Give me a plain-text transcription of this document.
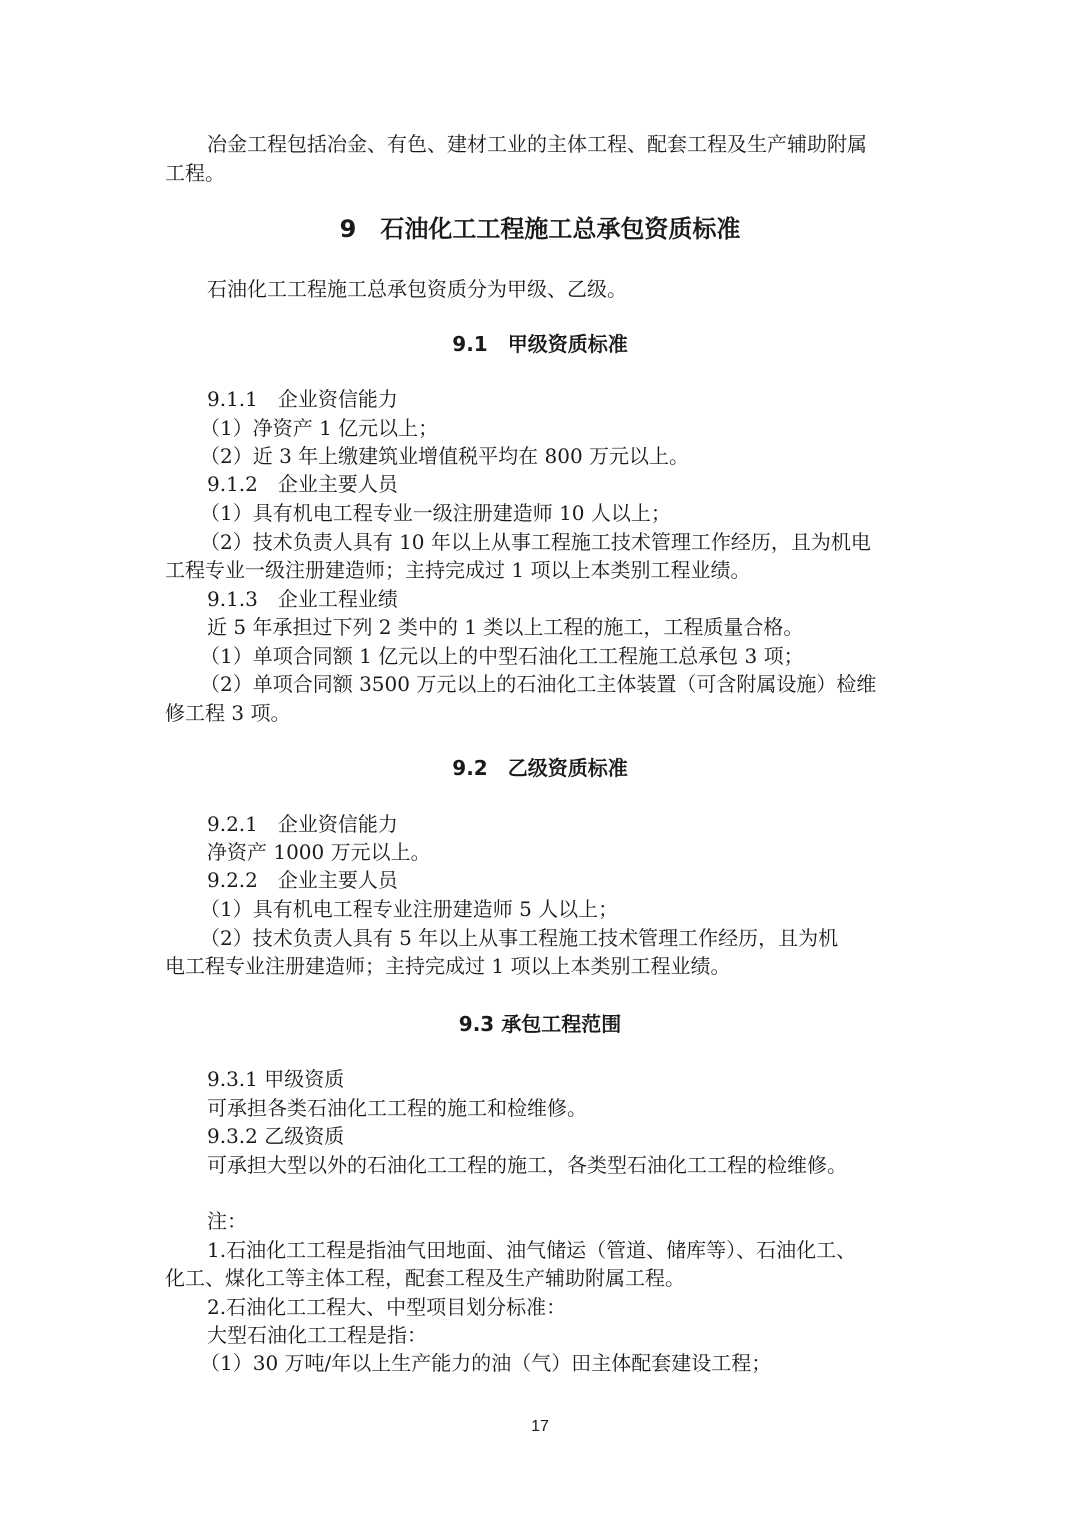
冶金工程包括冶金、有色、建材工业的主体工程、配套工程及生产辅助附属
工程。
9　石油化工工程施工总承包资质标准
石油化工工程施工总承包资质分为甲级、乙级。
9.1　甲级资质标准
9.1.1　企业资信能力
（1）净资产 1 亿元以上；
（2）近 3 年上缴建筑业增值税平均在 800 万元以上。
9.1.2　企业主要人员
（1）具有机电工程专业一级注册建造师 10 人以上；
（2）技术负责人具有 10 年以上从事工程施工技术管理工作经历，且为机电
工程专业一级注册建造师；主持完成过 1 项以上本类别工程业绩。
9.1.3　企业工程业绩
近 5 年承担过下列 2 类中的 1 类以上工程的施工，工程质量合格。
（1）单项合同额 1 亿元以上的中型石油化工工程施工总承包 3 项；
（2）单项合同额 3500 万元以上的石油化工主体装置（可含附属设施）检维
修工程 3 项。
9.2　乙级资质标准
9.2.1　企业资信能力
净资产 1000 万元以上。
9.2.2　企业主要人员
（1）具有机电工程专业注册建造师 5 人以上；
（2）技术负责人具有 5 年以上从事工程施工技术管理工作经历，且为机
电工程专业注册建造师；主持完成过 1 项以上本类别工程业绩。
9.3 承包工程范围
9.3.1 甲级资质
可承担各类石油化工工程的施工和检维修。
9.3.2 乙级资质
可承担大型以外的石油化工工程的施工，各类型石油化工工程的检维修。
注：
1.石油化工工程是指油气田地面、油气储运（管道、储库等）、石油化工、
化工、煤化工等主体工程，配套工程及生产辅助附属工程。
2.石油化工工程大、中型项目划分标准：
大型石油化工工程是指：
（1）30 万吨/年以上生产能力的油（气）田主体配套建设工程；
17
